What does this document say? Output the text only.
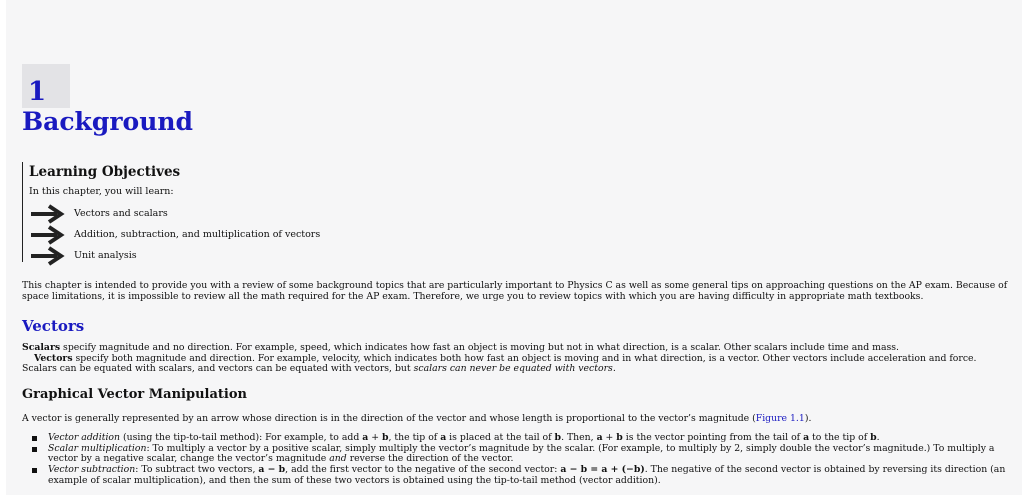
1
Background
Learning Objectives
In this chapter, you will learn:
Vectors and scalars
Addition, subtraction, and multiplication of vectors
Unit analysis

This chapter is intended to provide you with a review of some background topics that are particularly important to Physics C as well as some general tips on approaching questions on the AP exam. Because of space limitations, it is impossible to review all the math required for the AP exam. Therefore, we urge you to review topics with which you are having difficulty in appropriate math textbooks.

Vectors

Scalars specify magnitude and no direction. For example, speed, which indicates how fast an object is moving but not in what direction, is a scalar. Other scalars include time and mass.

Vectors specify both magnitude and direction. For example, velocity, which indicates both how fast an object is moving and in what direction, is a vector. Other vectors include acceleration and force. Scalars can be equated with scalars, and vectors can be equated with vectors, but scalars can never be equated with vectors.

Graphical Vector Manipulation

A vector is generally represented by an arrow whose direction is in the direction of the vector and whose length is proportional to the vector’s magnitude (Figure 1.1).

Vector addition (using the tip-to-tail method): For example, to add a + b, the tip of a is placed at the tail of b. Then, a + b is the vector pointing from the tail of a to the tip of b.
Scalar multiplication: To multiply a vector by a positive scalar, simply multiply the vector’s magnitude by the scalar. (For example, to multiply by 2, simply double the vector’s magnitude.) To multiply a vector by a negative scalar, change the vector’s magnitude and reverse the direction of the vector.
Vector subtraction: To subtract two vectors, a − b, add the first vector to the negative of the second vector: a − b = a + (−b). The negative of the second vector is obtained by reversing its direction (an example of scalar multiplication), and then the sum of these two vectors is obtained using the tip-to-tail method (vector addition).
